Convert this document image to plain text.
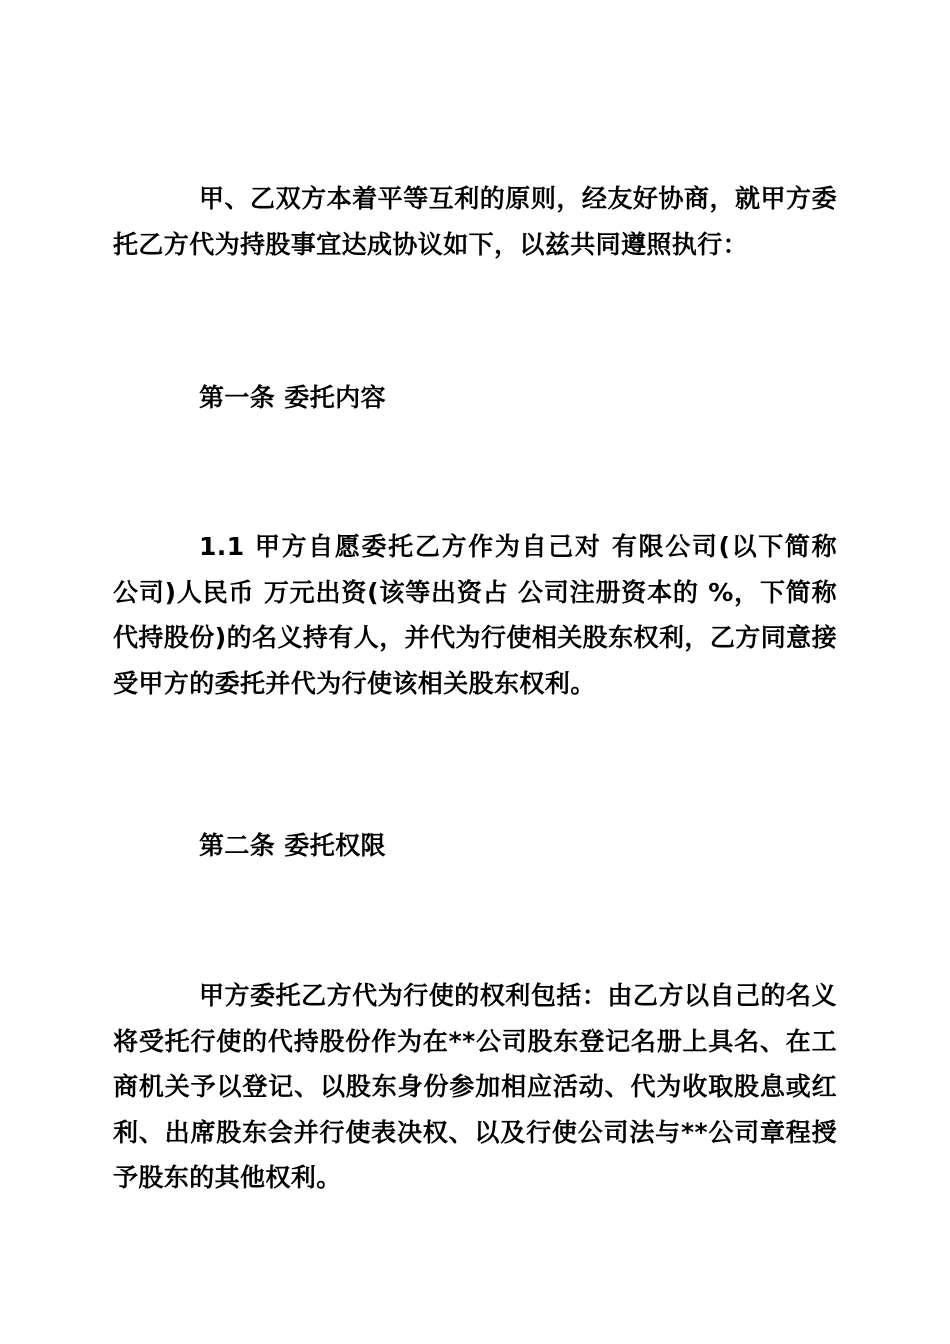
甲、乙双方本着平等互利的原则，经友好协商，就甲方委托乙方代为持股事宜达成协议如下，以兹共同遵照执行：

第一条 委托内容

1.1 甲方自愿委托乙方作为自己对 有限公司(以下简称 公司)人民币 万元出资(该等出资占 公司注册资本的 %，下简称代持股份)的名义持有人，并代为行使相关股东权利，乙方同意接受甲方的委托并代为行使该相关股东权利。

第二条 委托权限

甲方委托乙方代为行使的权利包括：由乙方以自己的名义将受托行使的代持股份作为在**公司股东登记名册上具名、在工商机关予以登记、以股东身份参加相应活动、代为收取股息或红利、出席股东会并行使表决权、以及行使公司法与**公司章程授予股东的其他权利。
